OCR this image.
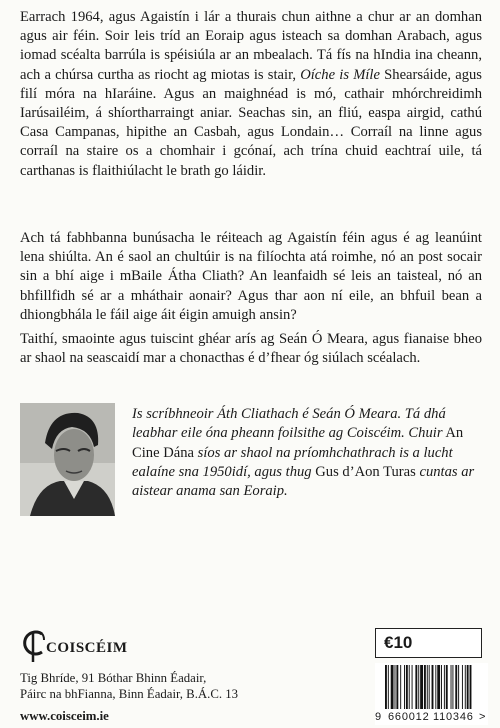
Earrach 1964, agus Agaistín i lár a thurais chun aithne a chur ar an domhan agus air féin. Soir leis tríd an Eoraip agus isteach sa domhan Arabach, agus iomad scéalta barrúla is spéisiúla ar an mbealach. Tá fís na hIndia ina cheann, ach a chúrsa curtha as riocht ag miotas is stair, Oíche is Míle Shearsáide, agus filí móra na hIaráine. Agus an maighnéad is mó, cathair mhórchreidimh Iarúsailéim, á shíortharraingt aniar. Seachas sin, an fliú, easpa airgid, cathú Casa Campanas, hipithe an Casbah, agus Londain… Corraíl na linne agus corraíl na staire os a chomhair i gcónaí, ach trína chuid eachtraí uile, tá carthanas is flaithiúlacht le brath go láidir.

Ach tá fabhbanna bunúsacha le réiteach ag Agaistín féin agus é ag leanúint lena shiúlta. An é saol an chultúir is na filíochta atá roimhe, nó an post socair sin a bhí aige i mBaile Átha Cliath? An leanfaidh sé leis an taisteal, nó an bhfillfidh sé ar a mháthair aonair? Agus thar aon ní eile, an bhfuil bean a dhiongbhála le fáil aige áit éigin amuigh ansin?

Taithí, smaointe agus tuiscint ghéar arís ag Seán Ó Meara, agus fianaise bheo ar shaol na seascaidí mar a chonacthas é d’fhear óg siúlach scéalach.

Is scríbhneoir Áth Cliathach é Seán Ó Meara. Tá dhá leabhar eile óna pheann foilsithe ag Coiscéim. Chuir An Cine Dána síos ar shaol na príomhchathrach is a lucht ealaíne sna 1950idí, agus thug Gus d’Aon Turas cuntas ar aistear anama san Eoraip.

COISCÉIM
Tig Bhríde, 91 Bóthar Bhinn Éadair,
Páirc na bhFianna, Binn Éadair, B.Á.C. 13
www.coisceim.ie
€10
9 660012 110346 >
